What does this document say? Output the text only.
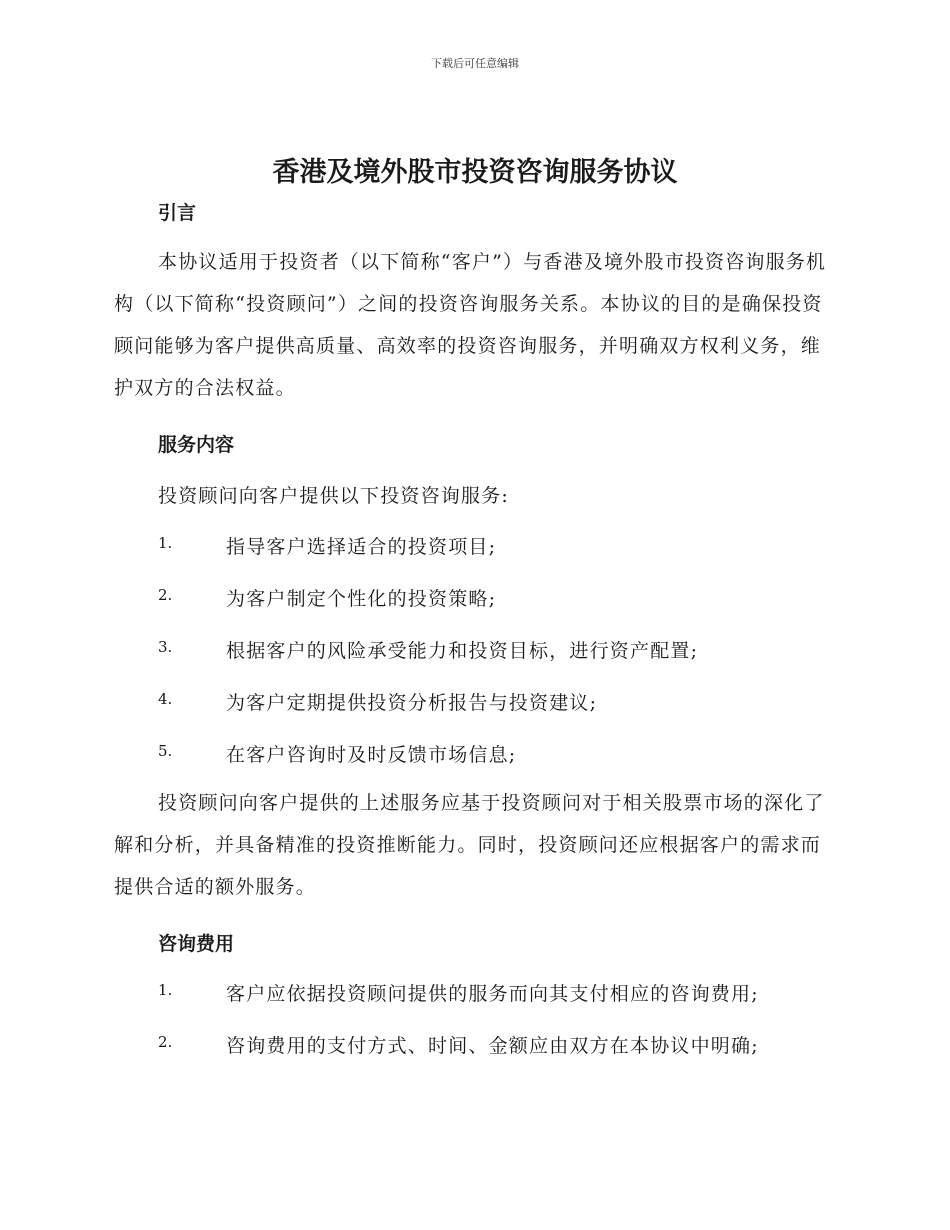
下载后可任意编辑
香港及境外股市投资咨询服务协议
引言
本协议适用于投资者（以下简称“客户”）与香港及境外股市投资咨询服务机构（以下简称“投资顾问”）之间的投资咨询服务关系。本协议的目的是确保投资顾问能够为客户提供高质量、高效率的投资咨询服务，并明确双方权利义务，维护双方的合法权益。
服务内容
投资顾问向客户提供以下投资咨询服务:
1.	指导客户选择适合的投资项目;
2.	为客户制定个性化的投资策略;
3.	根据客户的风险承受能力和投资目标，进行资产配置;
4.	为客户定期提供投资分析报告与投资建议;
5.	在客户咨询时及时反馈市场信息;
投资顾问向客户提供的上述服务应基于投资顾问对于相关股票市场的深化了解和分析，并具备精准的投资推断能力。同时，投资顾问还应根据客户的需求而提供合适的额外服务。
咨询费用
1.	客户应依据投资顾问提供的服务而向其支付相应的咨询费用;
2.	咨询费用的支付方式、时间、金额应由双方在本协议中明确;
